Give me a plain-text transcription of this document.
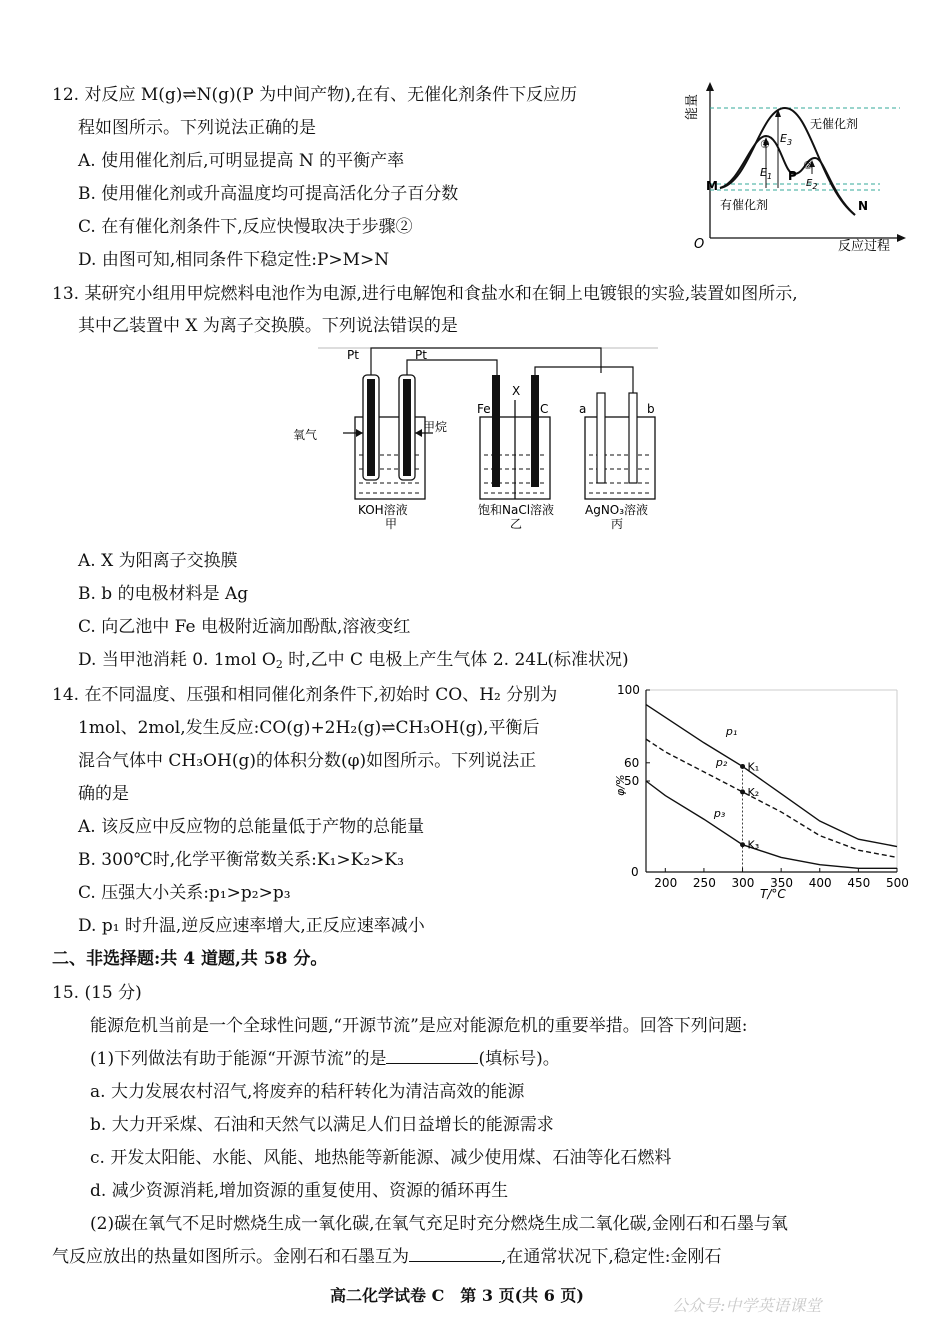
12. 对反应 M(g)⇌N(g)(P 为中间产物),在有、无催化剂条件下反应历
程如图所示。下列说法正确的是
A. 使用催化剂后,可明显提高 N 的平衡产率
B. 使用催化剂或升高温度均可提高活化分子百分数
C. 在有催化剂条件下,反应快慢取决于步骤②
D. 由图可知,相同条件下稳定性:P>M>N
能量
O	反应过程
无催化剂
有催化剂
M
N
P
①
②
$E_3$
$E_1$
$E_2$
13. 某研究小组用甲烷燃料电池作为电源,进行电解饱和食盐水和在铜上电镀银的实验,装置如图所示,
其中乙装置中 X 为离子交换膜。下列说法错误的是
Pt	Pt
氧气
甲烷
Fe
X
C	a	b
KOH溶液
甲
饱和NaCl溶液
乙
AgNO₃溶液
丙
A. X 为阳离子交换膜
B. b 的电极材料是 Ag
C. 向乙池中 Fe 电极附近滴加酚酞,溶液变红
D. 当甲池消耗 0. 1mol $O_2$ 时,乙中 C 电极上产生气体 2. 24L(标准状况)
14. 在不同温度、压强和相同催化剂条件下,初始时 CO、H₂ 分别为
1mol、2mol,发生反应:CO(g)+2H₂(g)⇌CH₃OH(g),平衡后
混合气体中 CH₃OH(g)的体积分数(φ)如图所示。下列说法正
确的是
A. 该反应中反应物的总能量低于产物的总能量
B. 300℃时,化学平衡常数关系:K₁>K₂>K₃
C. 压强大小关系:p₁>p₂>p₃
D. p₁ 时升温,逆反应速率增大,正反应速率减小
200 250 300 350 400 450 500
0
50
60
100
p₁
p₂
p₃
K₁
K₂
K₃
φ/%
T/°C
二、非选择题:共 4 道题,共 58 分。
15. (15 分)
能源危机当前是一个全球性问题,“开源节流”是应对能源危机的重要举措。回答下列问题:
(1)下列做法有助于能源“开源节流”的是	(填标号)。
a. 大力发展农村沼气,将废弃的秸秆转化为清洁高效的能源
b. 大力开采煤、石油和天然气以满足人们日益增长的能源需求
c. 开发太阳能、水能、风能、地热能等新能源、减少使用煤、石油等化石燃料
d. 减少资源消耗,增加资源的重复使用、资源的循环再生
(2)碳在氧气不足时燃烧生成一氧化碳,在氧气充足时充分燃烧生成二氧化碳,金刚石和石墨与氧
气反应放出的热量如图所示。金刚石和石墨互为	,在通常状况下,稳定性:金刚石
高二化学试卷 C　第 3 页(共 6 页)
公众号:中学英语课堂
